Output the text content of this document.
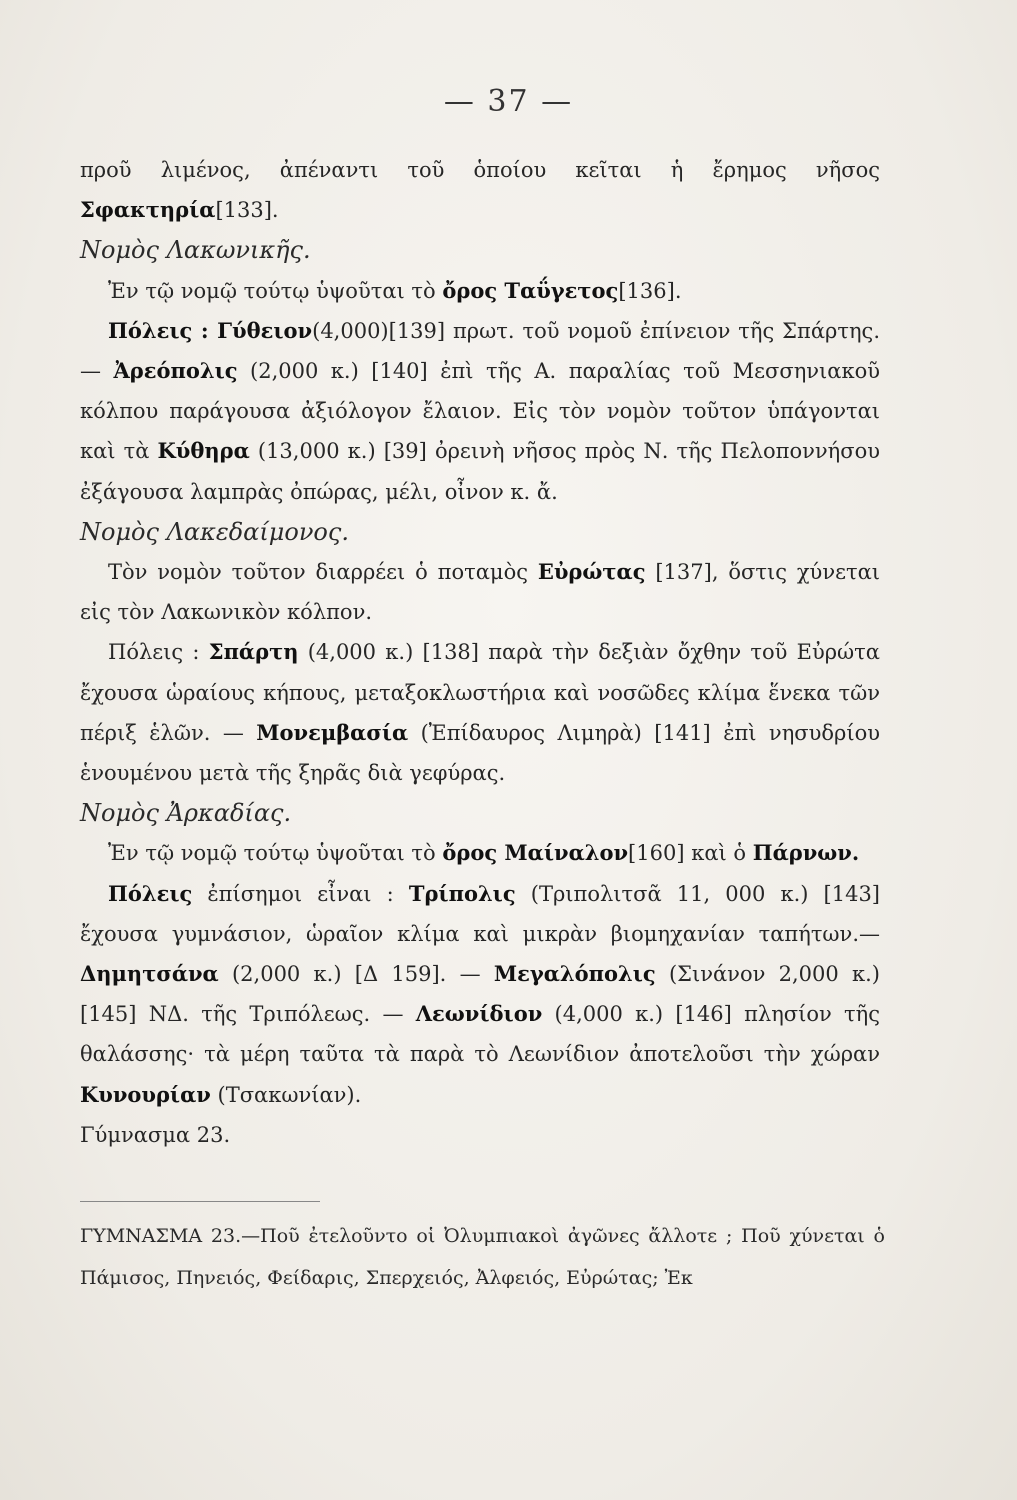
— 37 —

προῦ λιμένος, ἀπέναντι τοῦ ὁποίου κεῖται ἡ ἔρημος νῆσος Σφακτηρία[133].

Νομὸς Λακωνικῆς.

Ἐν τῷ νομῷ τούτῳ ὑψοῦται τὸ ὄρος Ταΰγετος[136].

Πόλεις : Γύθειον(4,000)[139] πρωτ. τοῦ νομοῦ ἐπίνειον τῆς Σπάρτης.— Ἀρεόπολις (2,000 κ.) [140] ἐπὶ τῆς Α. παραλίας τοῦ Μεσσηνιακοῦ κόλπου παράγουσα ἀξιόλογον ἔλαιον. Εἰς τὸν νομὸν τοῦτον ὑπάγονται καὶ τὰ Κύθηρα (13,000 κ.) [39] ὀρεινὴ νῆσος πρὸς Ν. τῆς Πελοποννήσου ἐξάγουσα λαμπρὰς ὀπώρας, μέλι, οἶνον κ. ἄ.

Νομὸς Λακεδαίμονος.

Τὸν νομὸν τοῦτον διαρρέει ὁ ποταμὸς Εὐρώτας [137], ὅστις χύνεται εἰς τὸν Λακωνικὸν κόλπον.

Πόλεις : Σπάρτη (4,000 κ.) [138] παρὰ τὴν δεξιὰν ὄχθην τοῦ Εὐρώτα ἔχουσα ὡραίους κήπους, μεταξοκλωστήρια καὶ νοσῶδες κλίμα ἕνεκα τῶν πέριξ ἑλῶν. — Μονεμβασία (Ἐπίδαυρος Λιμηρὰ) [141] ἐπὶ νησυδρίου ἑνουμένου μετὰ τῆς ξηρᾶς διὰ γεφύρας.

Νομὸς Ἀρκαδίας.

Ἐν τῷ νομῷ τούτῳ ὑψοῦται τὸ ὄρος Μαίναλον[160] καὶ ὁ Πάρνων.

Πόλεις ἐπίσημοι εἶναι : Τρίπολις (Τριπολιτσᾶ 11, 000 κ.) [143] ἔχουσα γυμνάσιον, ὡραῖον κλίμα καὶ μικρὰν βιομηχανίαν ταπήτων.—Δημητσάνα (2,000 κ.) [Δ 159]. — Μεγαλόπολις (Σινάνον 2,000 κ.) [145] ΝΔ. τῆς Τριπόλεως. — Λεωνίδιον (4,000 κ.) [146] πλησίον τῆς θαλάσσης· τὰ μέρη ταῦτα τὰ παρὰ τὸ Λεωνίδιον ἀποτελοῦσι τὴν χώραν Κυνουρίαν (Τσακωνίαν).

Γύμνασμα 23.

ΓΥΜΝΑΣΜΑ 23.—Ποῦ ἐτελοῦντο οἱ Ὀλυμπιακοὶ ἀγῶνες ἄλλοτε ; Ποῦ χύνεται ὁ Πάμισος, Πηνειός, Φείδαρις, Σπερχειός, Ἀλφειός, Εὐρώτας; Ἐκ
